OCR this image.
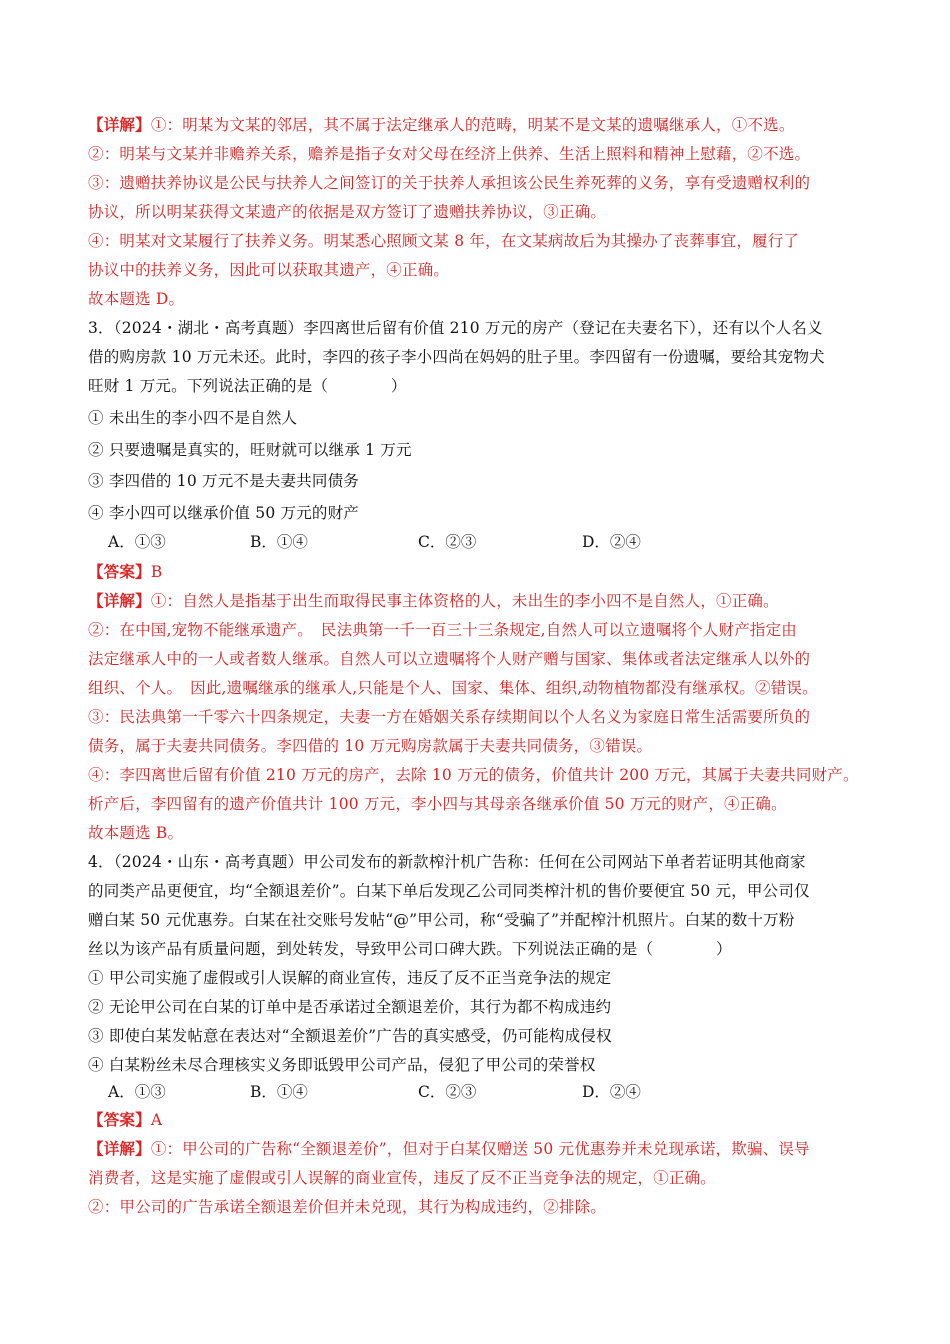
【详解】①：明某为文某的邻居，其不属于法定继承人的范畴，明某不是文某的遗嘱继承人，①不选。
②：明某与文某并非赡养关系，赡养是指子女对父母在经济上供养、生活上照料和精神上慰藉，②不选。
③：遗赠扶养协议是公民与扶养人之间签订的关于扶养人承担该公民生养死葬的义务，享有受遗赠权利的
协议，所以明某获得文某遗产的依据是双方签订了遗赠扶养协议，③正确。
④：明某对文某履行了扶养义务。明某悉心照顾文某 8 年，在文某病故后为其操办了丧葬事宜，履行了
协议中的扶养义务，因此可以获取其遗产，④正确。
故本题选 D。
3．（2024・湖北・高考真题）李四离世后留有价值 210 万元的房产（登记在夫妻名下），还有以个人名义
借的购房款 10 万元未还。此时，李四的孩子李小四尚在妈妈的肚子里。李四留有一份遗嘱，要给其宠物犬
旺财 1 万元。下列说法正确的是（　　　　）
① 未出生的李小四不是自然人
② 只要遗嘱是真实的，旺财就可以继承 1 万元
③ 李四借的 10 万元不是夫妻共同债务
④ 李小四可以继承价值 50 万元的财产
A．①③	B．①④	C．②③	D．②④
【答案】B
【详解】①：自然人是指基于出生而取得民事主体资格的人，未出生的李小四不是自然人，①正确。
②：在中国,宠物不能继承遗产。　民法典第一千一百三十三条规定,自然人可以立遗嘱将个人财产指定由
法定继承人中的一人或者数人继承。自然人可以立遗嘱将个人财产赠与国家、集体或者法定继承人以外的
组织、个人。　因此,遗嘱继承的继承人,只能是个人、国家、集体、组织,动物植物都没有继承权。②错误。
③：民法典第一千零六十四条规定，夫妻一方在婚姻关系存续期间以个人名义为家庭日常生活需要所负的
债务，属于夫妻共同债务。李四借的 10 万元购房款属于夫妻共同债务，③错误。
④：李四离世后留有价值 210 万元的房产，去除 10 万元的债务，价值共计 200 万元，其属于夫妻共同财产。
析产后，李四留有的遗产价值共计 100 万元，李小四与其母亲各继承价值 50 万元的财产，④正确。
故本题选 B。
4．（2024・山东・高考真题）甲公司发布的新款榨汁机广告称：任何在公司网站下单者若证明其他商家
的同类产品更便宜，均“全额退差价”。白某下单后发现乙公司同类榨汁机的售价要便宜 50 元，甲公司仅
赠白某 50 元优惠券。白某在社交账号发帖“@”甲公司，称“受骗了”并配榨汁机照片。白某的数十万粉
丝以为该产品有质量问题，到处转发，导致甲公司口碑大跌。下列说法正确的是（　　　　）
① 甲公司实施了虚假或引人误解的商业宣传，违反了反不正当竞争法的规定
② 无论甲公司在白某的订单中是否承诺过全额退差价，其行为都不构成违约
③ 即使白某发帖意在表达对“全额退差价”广告的真实感受，仍可能构成侵权
④ 白某粉丝未尽合理核实义务即诋毁甲公司产品，侵犯了甲公司的荣誉权
A．①③	B．①④	C．②③	D．②④
【答案】A
【详解】①：甲公司的广告称“全额退差价”，但对于白某仅赠送 50 元优惠券并未兑现承诺，欺骗、误导
消费者，这是实施了虚假或引人误解的商业宣传，违反了反不正当竞争法的规定，①正确。
②：甲公司的广告承诺全额退差价但并未兑现，其行为构成违约，②排除。
